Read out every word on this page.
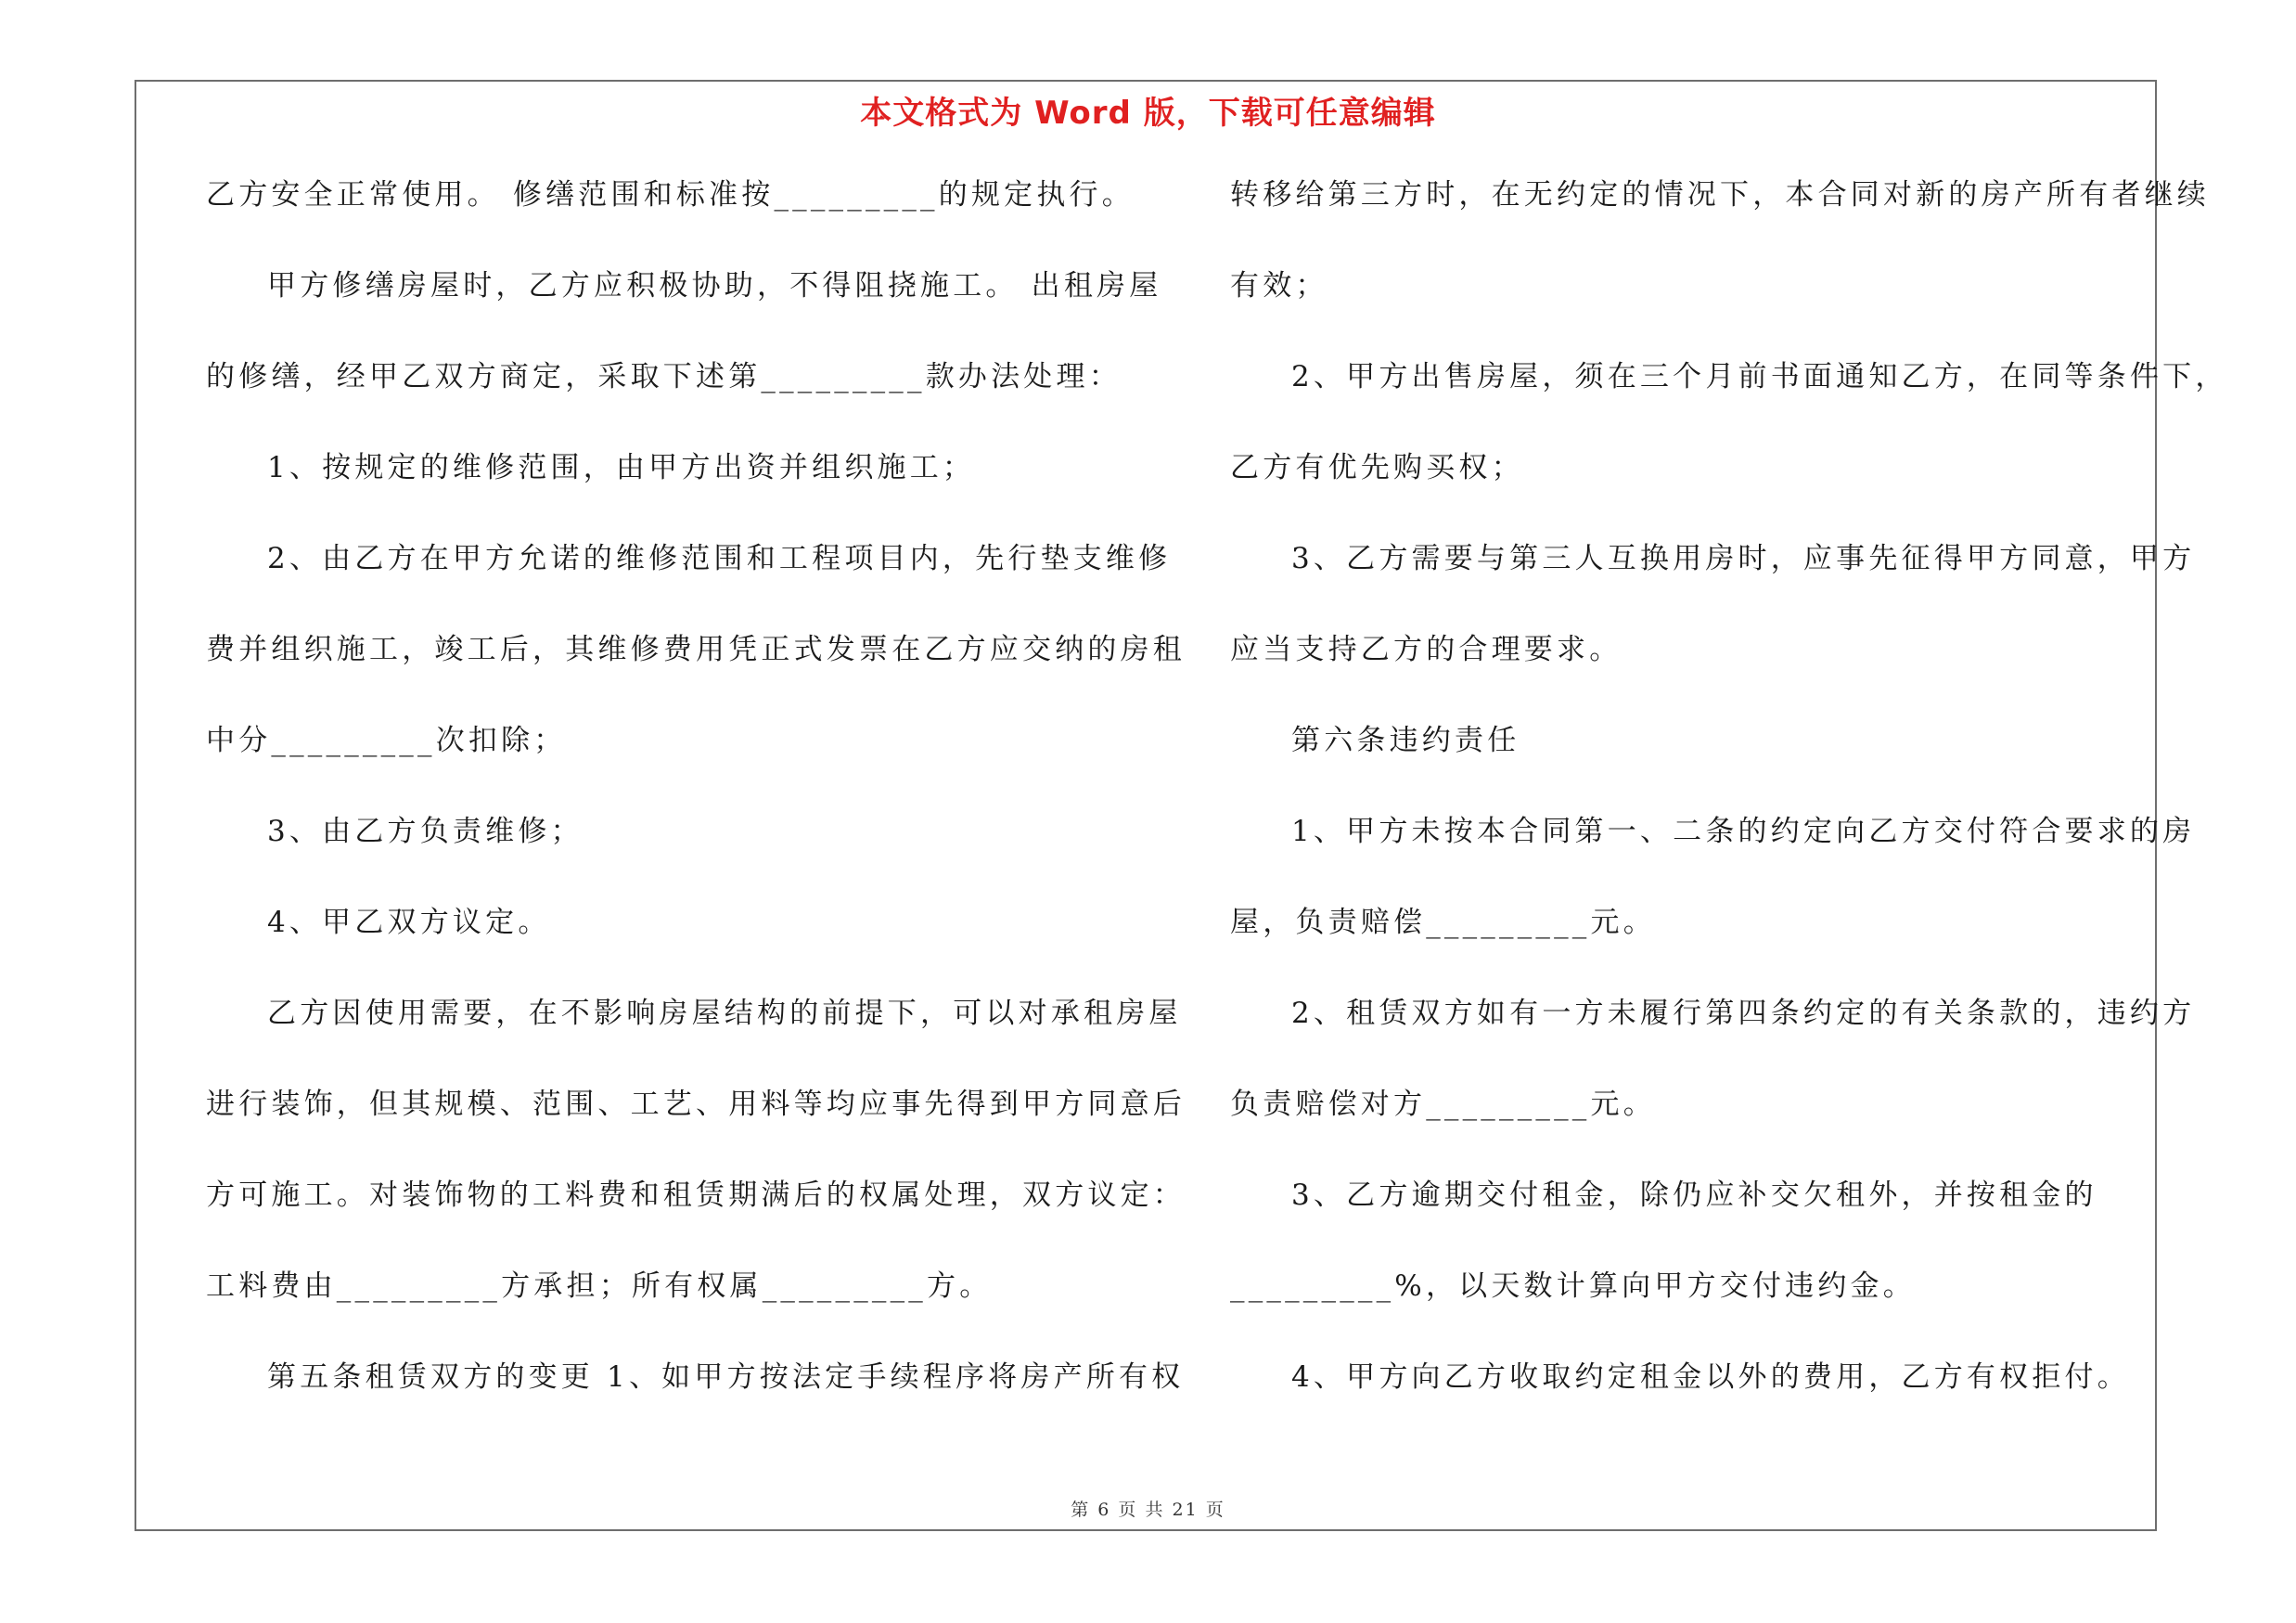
本文格式为 Word 版，下载可任意编辑
乙方安全正常使用。 修缮范围和标准按_________的规定执行。
甲方修缮房屋时，乙方应积极协助，不得阻挠施工。 出租房屋
的修缮，经甲乙双方商定，采取下述第_________款办法处理：
1、按规定的维修范围，由甲方出资并组织施工；
2、由乙方在甲方允诺的维修范围和工程项目内，先行垫支维修
费并组织施工，竣工后，其维修费用凭正式发票在乙方应交纳的房租
中分_________次扣除；
3、由乙方负责维修；
4、甲乙双方议定。
乙方因使用需要，在不影响房屋结构的前提下，可以对承租房屋
进行装饰，但其规模、范围、工艺、用料等均应事先得到甲方同意后
方可施工。对装饰物的工料费和租赁期满后的权属处理，双方议定：
工料费由_________方承担；所有权属_________方。
第五条租赁双方的变更 1、如甲方按法定手续程序将房产所有权
转移给第三方时，在无约定的情况下，本合同对新的房产所有者继续
有效；
2、甲方出售房屋，须在三个月前书面通知乙方，在同等条件下，
乙方有优先购买权；
3、乙方需要与第三人互换用房时，应事先征得甲方同意，甲方
应当支持乙方的合理要求。
第六条违约责任
1、甲方未按本合同第一、二条的约定向乙方交付符合要求的房
屋，负责赔偿_________元。
2、租赁双方如有一方未履行第四条约定的有关条款的，违约方
负责赔偿对方_________元。
3、乙方逾期交付租金，除仍应补交欠租外，并按租金的
_________%，以天数计算向甲方交付违约金。
4、甲方向乙方收取约定租金以外的费用，乙方有权拒付。
第 6 页 共 21 页
